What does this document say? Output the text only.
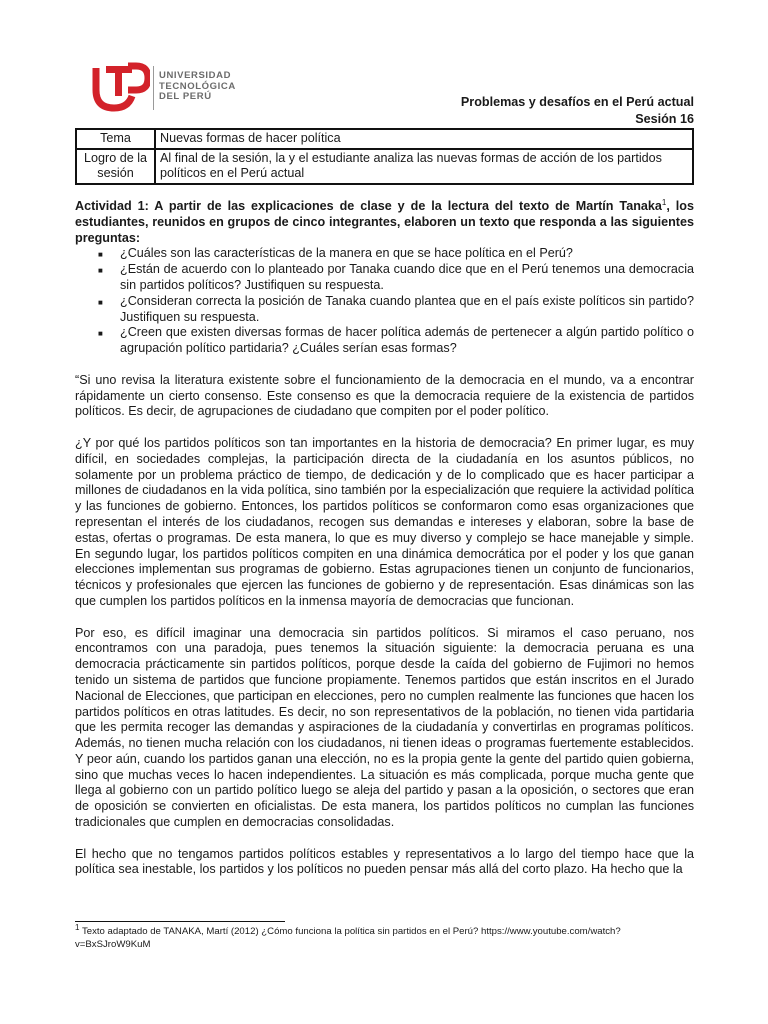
UNIVERSIDAD
TECNOLÓGICA
DEL PERÚ	Problemas y desafíos en el Perú actual
Sesión 16
Tema	Nuevas formas de hacer política
Logro de la sesión	Al final de la sesión, la y el estudiante analiza las nuevas formas de acción de los partidos políticos en el Perú actual

Actividad 1: A partir de las explicaciones de clase y de la lectura del texto de Martín Tanaka$^1$, los estudiantes, reunidos en grupos de cinco integrantes, elaboren un texto que responda a las siguientes preguntas:

■ ¿Cuáles son las características de la manera en que se hace política en el Perú?
■ ¿Están de acuerdo con lo planteado por Tanaka cuando dice que en el Perú tenemos una democracia sin partidos políticos? Justifiquen su respuesta.
■ ¿Consideran correcta la posición de Tanaka cuando plantea que en el país existe políticos sin partido? Justifiquen su respuesta.
■ ¿Creen que existen diversas formas de hacer política además de pertenecer a algún partido político o agrupación político partidaria? ¿Cuáles serían esas formas?

“Si uno revisa la literatura existente sobre el funcionamiento de la democracia en el mundo, va a encontrar rápidamente un cierto consenso. Este consenso es que la democracia requiere de la existencia de partidos políticos. Es decir, de agrupaciones de ciudadano que compiten por el poder político.

¿Y por qué los partidos políticos son tan importantes en la historia de democracia? En primer lugar, es muy difícil, en sociedades complejas, la participación directa de la ciudadanía en los asuntos públicos, no solamente por un problema práctico de tiempo, de dedicación y de lo complicado que es hacer participar a millones de ciudadanos en la vida política, sino también por la especialización que requiere la actividad política y las funciones de gobierno. Entonces, los partidos políticos se conformaron como esas organizaciones que representan el interés de los ciudadanos, recogen sus demandas e intereses y elaboran, sobre la base de estas, ofertas o programas. De esta manera, lo que es muy diverso y complejo se hace manejable y simple. En segundo lugar, los partidos políticos compiten en una dinámica democrática por el poder y los que ganan elecciones implementan sus programas de gobierno. Estas agrupaciones tienen un conjunto de funcionarios, técnicos y profesionales que ejercen las funciones de gobierno y de representación. Esas dinámicas son las que cumplen los partidos políticos en la inmensa mayoría de democracias que funcionan.

Por eso, es difícil imaginar una democracia sin partidos políticos. Si miramos el caso peruano, nos encontramos con una paradoja, pues tenemos la situación siguiente: la democracia peruana es una democracia prácticamente sin partidos políticos, porque desde la caída del gobierno de Fujimori no hemos tenido un sistema de partidos que funcione propiamente. Tenemos partidos que están inscritos en el Jurado Nacional de Elecciones, que participan en elecciones, pero no cumplen realmente las funciones que hacen los partidos políticos en otras latitudes. Es decir, no son representativos de la población, no tienen vida partidaria que les permita recoger las demandas y aspiraciones de la ciudadanía y convertirlas en programas políticos. Además, no tienen mucha relación con los ciudadanos, ni tienen ideas o programas fuertemente establecidos. Y peor aún, cuando los partidos ganan una elección, no es la propia gente la gente del partido quien gobierna, sino que muchas veces lo hacen independientes. La situación es más complicada, porque mucha gente que llega al gobierno con un partido político luego se aleja del partido y pasan a la oposición, o sectores que eran de oposición se convierten en oficialistas. De esta manera, los partidos políticos no cumplan las funciones tradicionales que cumplen en democracias consolidadas.

El hecho que no tengamos partidos políticos estables y representativos a lo largo del tiempo hace que la política sea inestable, los partidos y los políticos no pueden pensar más allá del corto plazo. Ha hecho que la

$^1$ Texto adaptado de TANAKA, Martí (2012) ¿Cómo funciona la política sin partidos en el Perú? https://www.youtube.com/watch?v=BxSJroW9KuM
